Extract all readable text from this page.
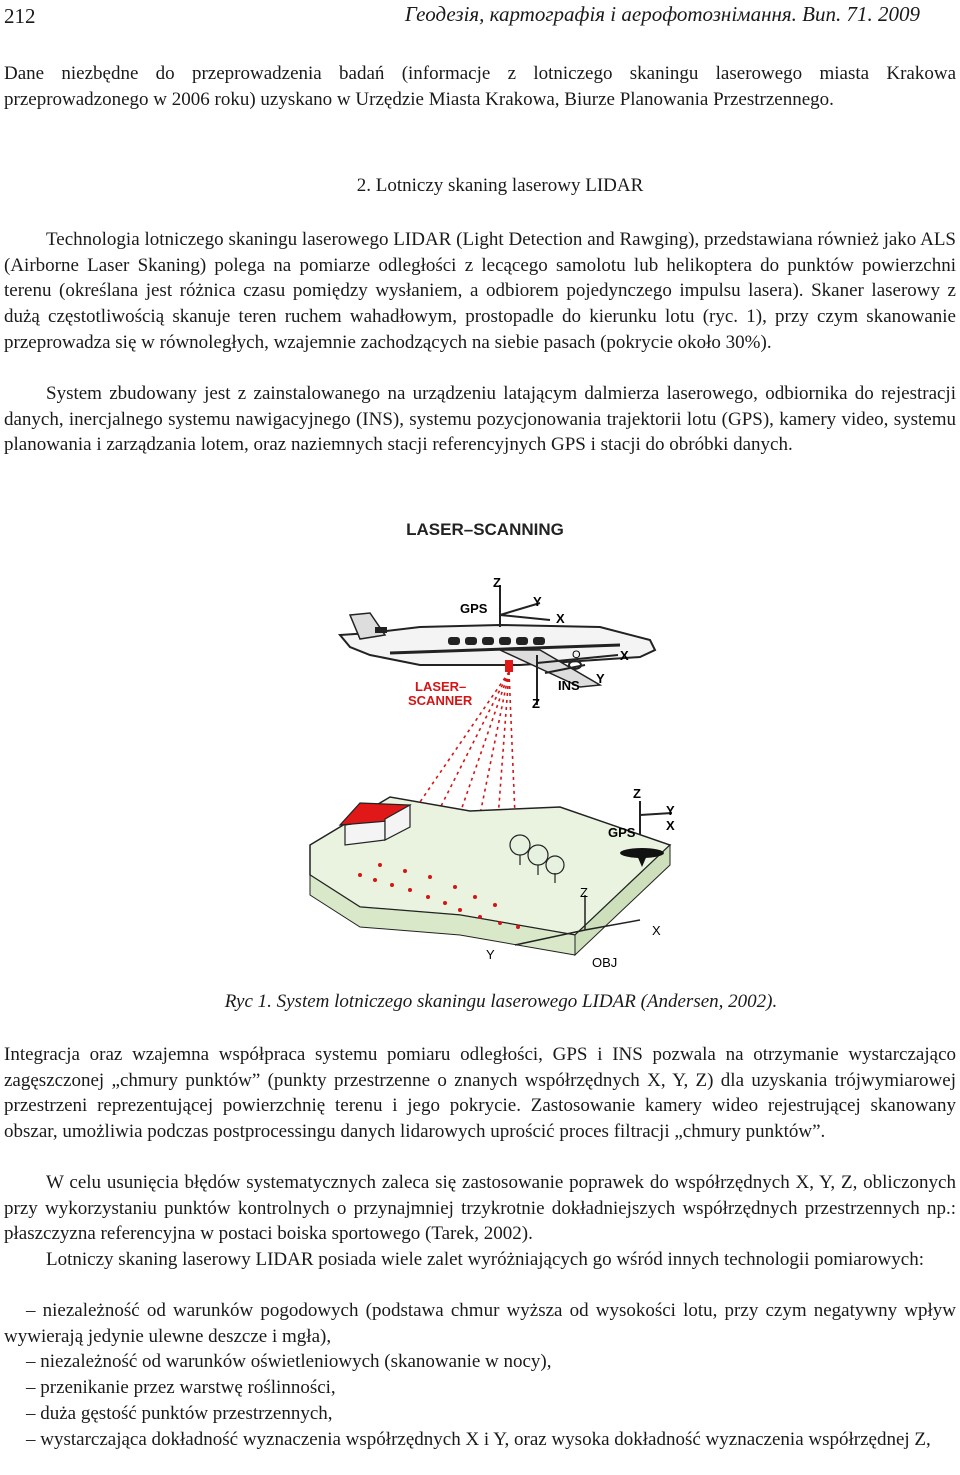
212	Геодезія, картографія і аерофотознімання. Вип. 71. 2009
Dane niezbędne do przeprowadzenia badań (informacje z lotniczego skaningu laserowego miasta Krakowa przeprowadzonego w 2006 roku) uzyskano w Urzędzie Miasta Krakowa, Biurze Planowania Przestrzennego.
2. Lotniczy skaning laserowy LIDAR
Technologia lotniczego skaningu laserowego LIDAR (Light Detection and Rawging), przedstawiana również jako ALS (Airborne Laser Skaning) polega na pomiarze odległości z lecącego samolotu lub helikoptera do punktów powierzchni terenu (określana jest różnica czasu pomiędzy wysłaniem, a odbiorem pojedynczego impulsu lasera). Skaner laserowy z dużą częstotliwością skanuje teren ruchem wahadłowym, prostopadle do kierunku lotu (ryc. 1), przy czym skanowanie przeprowadza się w równoległych, wzajemnie zachodzących na siebie pasach (pokrycie około 30%).
System zbudowany jest z zainstalowanego na urządzeniu latającym dalmierza laserowego, odbiornika do rejestracji danych, inercjalnego systemu nawigacyjnego (INS), systemu pozycjonowania trajektorii lotu (GPS), kamery video, systemu planowania i zarządzania lotem, oraz naziemnych stacji referencyjnych GPS i stacji do obróbki danych.
LASER–SCANNING
Z
GPS	Y
X
X
Y
INS
O
Z
LASER–
SCANNER
Z
Y
X
GPS
Z
X
Y
OBJ
Ryc 1. System lotniczego skaningu laserowego LIDAR (Andersen, 2002).
Integracja oraz wzajemna współpraca systemu pomiaru odległości, GPS i INS pozwala na otrzymanie wystarczająco zagęszczonej „chmury punktów” (punkty przestrzenne o znanych współrzędnych X, Y, Z) dla uzyskania trójwymiarowej przestrzeni reprezentującej powierzchnię terenu i jego pokrycie. Zastosowanie kamery wideo rejestrującej skanowany obszar, umożliwia podczas postprocessingu danych lidarowych uprościć proces filtracji „chmury punktów”.
W celu usunięcia błędów systematycznych zaleca się zastosowanie poprawek do współrzędnych X, Y, Z, obliczonych przy wykorzystaniu punktów kontrolnych o przynajmniej trzykrotnie dokładniejszych współrzędnych przestrzennych np.: płaszczyzna referencyjna w postaci boiska sportowego (Tarek, 2002).
Lotniczy skaning laserowy LIDAR posiada wiele zalet wyróżniających go wśród innych technologii pomiarowych:
– niezależność od warunków pogodowych (podstawa chmur wyższa od wysokości lotu, przy czym negatywny wpływ wywierają jedynie ulewne deszcze i mgła),
– niezależność od warunków oświetleniowych (skanowanie w nocy),
– przenikanie przez warstwę roślinności,
– duża gęstość punktów przestrzennych,
– wystarczająca dokładność wyznaczenia współrzędnych X i Y, oraz wysoka dokładność wyznaczenia współrzędnej Z,
